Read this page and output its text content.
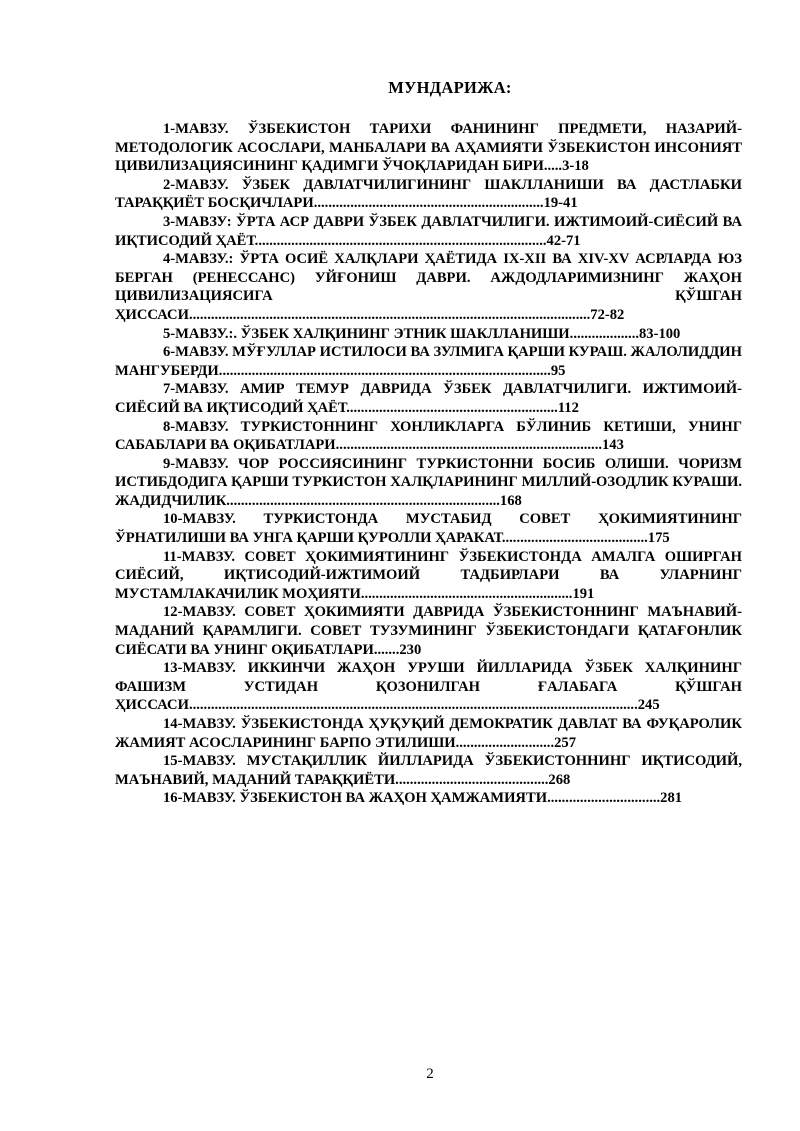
МУНДАРИЖА:

1-МАВЗУ. ЎЗБЕКИСТОН ТАРИХИ ФАНИНИНГ ПРЕДМЕТИ, НАЗАРИЙ-МЕТОДОЛОГИК АСОСЛАРИ, МАНБАЛАРИ ВА АҲАМИЯТИ ЎЗБЕКИСТОН ИНСОНИЯТ ЦИВИЛИЗАЦИЯСИНИНГ ҚАДИМГИ ЎЧОҚЛАРИДАН БИРИ.....3-18

2-МАВЗУ. ЎЗБЕК ДАВЛАТЧИЛИГИНИНГ ШАКЛЛАНИШИ ВА ДАСТЛАБКИ ТАРАҚҚИЁТ БОСҚИЧЛАРИ...............................................................19-41

3-МАВЗУ: ЎРТА АСР ДАВРИ ЎЗБЕК ДАВЛАТЧИЛИГИ. ИЖТИМОИЙ-СИЁСИЙ ВА ИҚТИСОДИЙ ҲАЁТ................................................................................42-71

4-МАВЗУ.: ЎРТА ОСИЁ ХАЛҚЛАРИ ҲАЁТИДА IX-XII ВА XIV-XV АСРЛАРДА ЮЗ БЕРГАН (РЕНЕССАНС) УЙҒОНИШ ДАВРИ. АЖДОДЛАРИМИЗНИНГ ЖАҲОН ЦИВИЛИЗАЦИЯСИГА ҚЎШГАН ҲИССАСИ..............................................................................................................72-82

5-МАВЗУ.:. ЎЗБЕК ХАЛҚИНИНГ ЭТНИК ШАКЛЛАНИШИ...................83-100

6-МАВЗУ. МЎҒУЛЛАР ИСТИЛОСИ ВА ЗУЛМИГА ҚАРШИ КУРАШ. ЖАЛОЛИДДИН МАНГУБЕРДИ...........................................................................................95

7-МАВЗУ. АМИР ТЕМУР ДАВРИДА ЎЗБЕК ДАВЛАТЧИЛИГИ. ИЖТИМОИЙ-СИЁСИЙ ВА ИҚТИСОДИЙ ҲАЁТ..........................................................112

8-МАВЗУ. ТУРКИСТОННИНГ ХОНЛИКЛАРГА БЎЛИНИБ КЕТИШИ, УНИНГ САБАБЛАРИ ВА ОҚИБАТЛАРИ.........................................................................143

9-МАВЗУ. ЧОР РОССИЯСИНИНГ ТУРКИСТОННИ БОСИБ ОЛИШИ. ЧОРИЗМ ИСТИБДОДИГА ҚАРШИ ТУРКИСТОН ХАЛҚЛАРИНИНГ МИЛЛИЙ-ОЗОДЛИК КУРАШИ. ЖАДИДЧИЛИК...........................................................................168

10-МАВЗУ. ТУРКИСТОНДА МУСТАБИД СОВЕТ ҲОКИМИЯТИНИНГ ЎРНАТИЛИШИ ВА УНГА ҚАРШИ ҚУРОЛЛИ ҲАРАКАТ........................................175

11-МАВЗУ. СОВЕТ ҲОКИМИЯТИНИНГ ЎЗБЕКИСТОНДА АМАЛГА ОШИРГАН СИЁСИЙ, ИҚТИСОДИЙ-ИЖТИМОИЙ ТАДБИРЛАРИ ВА УЛАРНИНГ МУСТАМЛАКАЧИЛИК МОҲИЯТИ..........................................................191

12-МАВЗУ. СОВЕТ ҲОКИМИЯТИ ДАВРИДА ЎЗБЕКИСТОННИНГ МАЪНАВИЙ-МАДАНИЙ ҚАРАМЛИГИ. СОВЕТ ТУЗУМИНИНГ ЎЗБЕКИСТОНДАГИ ҚАТАҒОНЛИК СИЁСАТИ ВА УНИНГ ОҚИБАТЛАРИ.......230

13-МАВЗУ. ИККИНЧИ ЖАҲОН УРУШИ ЙИЛЛАРИДА ЎЗБЕК ХАЛҚИНИНГ ФАШИЗМ УСТИДАН ҚОЗОНИЛГАН ҒАЛАБАГА ҚЎШГАН ҲИССАСИ...........................................................................................................................245

14-МАВЗУ. ЎЗБЕКИСТОНДА ҲУҚУҚИЙ ДЕМОКРАТИК ДАВЛАТ ВА ФУҚАРОЛИК ЖАМИЯТ АСОСЛАРИНИНГ БАРПО ЭТИЛИШИ...........................257

15-МАВЗУ. МУСТАҚИЛЛИК ЙИЛЛАРИДА ЎЗБЕКИСТОННИНГ ИҚТИСОДИЙ, МАЪНАВИЙ, МАДАНИЙ ТАРАҚҚИЁТИ..........................................268

16-МАВЗУ. ЎЗБЕКИСТОН ВА ЖАҲОН ҲАМЖАМИЯТИ...............................281

2
